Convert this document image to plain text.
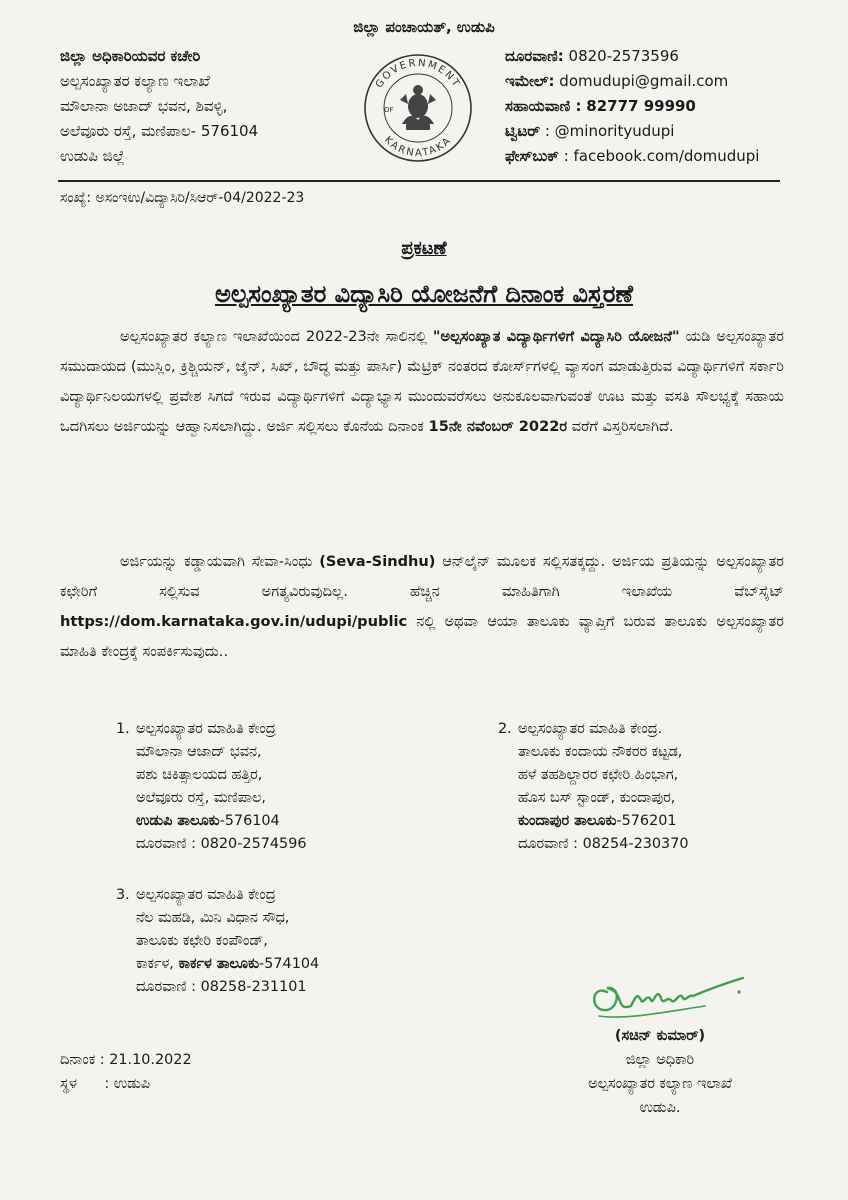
ಜಿಲ್ಲಾ ಪಂಚಾಯತ್, ಉಡುಪಿ
ಜಿಲ್ಲಾ ಅಧಿಕಾರಿಯವರ ಕಚೇರಿ
ಅಲ್ಪಸಂಖ್ಯಾತರ ಕಲ್ಯಾಣ ಇಲಾಖೆ
ಮೌಲಾನಾ ಅಜಾದ್ ಭವನ, ಶಿವಳ್ಳಿ,
ಅಲೆವೂರು ರಸ್ತೆ, ಮಣಿಪಾಲ- 576104
ಉಡುಪಿ ಜಿಲ್ಲೆ
GOVERNMENT
KARNATAKA
OF
ದೂರವಾಣಿ: 0820-2573596
ಇಮೇಲ್: domudupi@gmail.com
ಸಹಾಯವಾಣಿ : 82777 99990
ಟ್ವಿಟರ್ : @minorityudupi
ಫೇಸ್‌ಬುಕ್ : facebook.com/domudupi
ಸಂಖ್ಯೆ: ಅಸಂಇಉ/ವಿದ್ಯಾಸಿರಿ/ಸಿಆರ್-04/2022-23
ಪ್ರಕಟಣೆ
ಅಲ್ಪಸಂಖ್ಯಾತರ ವಿದ್ಯಾಸಿರಿ ಯೋಜನೆಗೆ ದಿನಾಂಕ ವಿಸ್ತರಣೆ
ಅಲ್ಪಸಂಖ್ಯಾತರ ಕಲ್ಯಾಣ ಇಲಾಖೆಯಿಂದ 2022-23ನೇ ಸಾಲಿನಲ್ಲಿ "ಅಲ್ಪಸಂಖ್ಯಾತ ವಿದ್ಯಾರ್ಥಿಗಳಿಗೆ ವಿದ್ಯಾಸಿರಿ ಯೋಜನೆ" ಯಡಿ ಅಲ್ಪಸಂಖ್ಯಾತರ ಸಮುದಾಯದ (ಮುಸ್ಲಿಂ, ಕ್ರಿಶ್ಚಿಯನ್, ಜೈನ್, ಸಿಖ್, ಬೌದ್ಧ ಮತ್ತು ಪಾರ್ಸಿ) ಮೆಟ್ರಿಕ್ ನಂತರದ ಕೋರ್ಸ್‌ಗಳಲ್ಲಿ ವ್ಯಾಸಂಗ ಮಾಡುತ್ತಿರುವ ವಿದ್ಯಾರ್ಥಿಗಳಿಗೆ ಸರ್ಕಾರಿ ವಿದ್ಯಾರ್ಥಿನಿಲಯಗಳಲ್ಲಿ ಪ್ರವೇಶ ಸಿಗದೆ ಇರುವ ವಿದ್ಯಾರ್ಥಿಗಳಿಗೆ ವಿದ್ಯಾಭ್ಯಾಸ ಮುಂದುವರೆಸಲು ಅನುಕೂಲವಾಗುವಂತೆ ಊಟ ಮತ್ತು ವಸತಿ ಸೌಲಭ್ಯಕ್ಕೆ ಸಹಾಯ ಒದಗಿಸಲು ಅರ್ಜಿಯನ್ನು ಆಹ್ವಾನಿಸಲಾಗಿದ್ದು. ಅರ್ಜಿ ಸಲ್ಲಿಸಲು ಕೊನೆಯ ದಿನಾಂಕ 15ನೇ ನವೆಂಬರ್ 2022ರ ವರೆಗೆ ವಿಸ್ತರಿಸಲಾಗಿದೆ.
ಅರ್ಜಿಯನ್ನು ಕಡ್ಡಾಯವಾಗಿ ಸೇವಾ-ಸಿಂಧು (Seva-Sindhu) ಆನ್‌ಲೈನ್ ಮೂಲಕ ಸಲ್ಲಿಸತಕ್ಕದ್ದು. ಅರ್ಜಿಯ ಪ್ರತಿಯನ್ನು ಅಲ್ಪಸಂಖ್ಯಾತರ ಕಛೇರಿಗೆ ಸಲ್ಲಿಸುವ ಅಗತ್ಯವಿರುವುದಿಲ್ಲ. ಹೆಚ್ಚಿನ ಮಾಹಿತಿಗಾಗಿ ಇಲಾಖೆಯ ವೆಬ್‌ಸೈಟ್ https://dom.karnataka.gov.in/udupi/public ನಲ್ಲಿ ಅಥವಾ ಆಯಾ ತಾಲೂಕು ವ್ಯಾಪ್ತಿಗೆ ಬರುವ ತಾಲೂಕು ಅಲ್ಪಸಂಖ್ಯಾತರ ಮಾಹಿತಿ ಕೇಂದ್ರಕ್ಕೆ ಸಂಪರ್ಕಿಸುವುದು..
1. ಅಲ್ಪಸಂಖ್ಯಾತರ ಮಾಹಿತಿ ಕೇಂದ್ರ
ಮೌಲಾನಾ ಆಜಾದ್ ಭವನ,
ಪಶು ಚಿಕಿತ್ಸಾಲಯದ ಹತ್ತಿರ,
ಅಲೆವೂರು ರಸ್ತೆ, ಮಣಿಪಾಲ,
ಉಡುಪಿ ತಾಲೂಕು-576104
ದೂರವಾಣಿ : 0820-2574596
2. ಅಲ್ಪಸಂಖ್ಯಾತರ ಮಾಹಿತಿ ಕೇಂದ್ರ.
ತಾಲೂಕು ಕಂದಾಯ ನೌಕರರ ಕಟ್ಟಡ,
ಹಳೆ ತಹಶಿಲ್ದಾರರ ಕಛೇರಿ ಹಿಂಭಾಗ,
ಹೊಸ ಬಸ್ ಸ್ಟಾಂಡ್, ಕುಂದಾಪುರ,
ಕುಂದಾಪುರ ತಾಲೂಕು-576201
ದೂರವಾಣಿ : 08254-230370
3. ಅಲ್ಪಸಂಖ್ಯಾತರ ಮಾಹಿತಿ ಕೇಂದ್ರ
ನೆಲ ಮಹಡಿ, ಮಿನಿ ವಿಧಾನ ಸೌಧ,
ತಾಲೂಕು ಕಛೇರಿ ಕಂಪೌಂಡ್,
ಕಾರ್ಕಳ, ಕಾರ್ಕಳ ತಾಲೂಕು-574104
ದೂರವಾಣಿ : 08258-231101
ದಿನಾಂಕ : 21.10.2022
ಸ್ಥಳ      : ಉಡುಪಿ
(ಸಚಿನ್ ಕುಮಾರ್)
ಜಿಲ್ಲಾ ಅಧಿಕಾರಿ
ಅಲ್ಪಸಂಖ್ಯಾತರ ಕಲ್ಯಾಣ ಇಲಾಖೆ
ಉಡುಪಿ.
